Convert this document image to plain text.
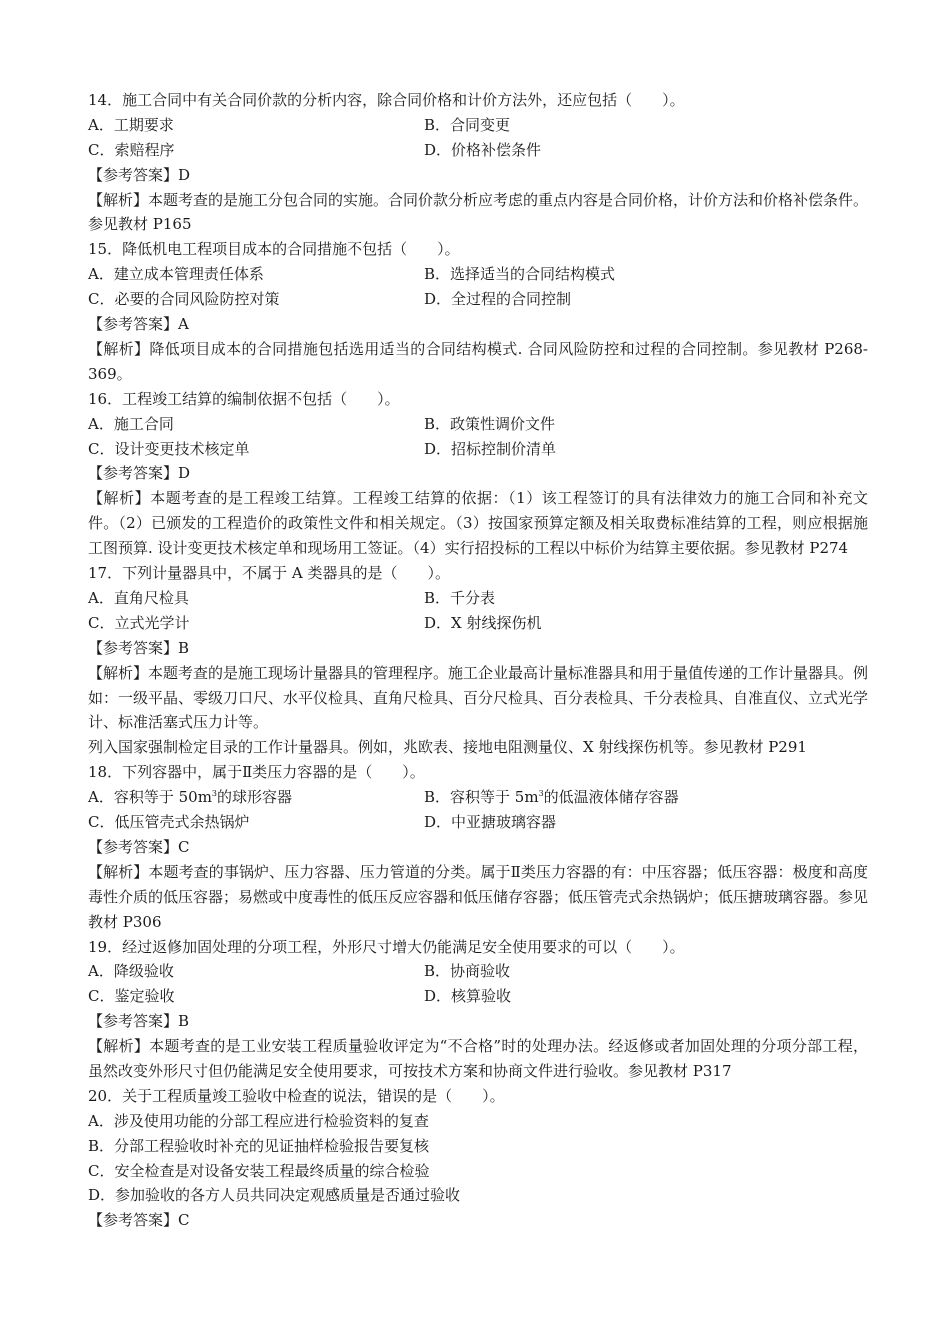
14．施工合同中有关合同价款的分析内容，除合同价格和计价方法外，还应包括（　　）。
A．工期要求	B．合同变更
C．索赔程序	D．价格补偿条件
【参考答案】D
【解析】本题考查的是施工分包合同的实施。合同价款分析应考虑的重点内容是合同价格，计价方法和价格补偿条件。参见教材 P165
15．降低机电工程项目成本的合同措施不包括（　　）。
A．建立成本管理责任体系	B．选择适当的合同结构模式
C．必要的合同风险防控对策	D．全过程的合同控制
【参考答案】A
【解析】降低项目成本的合同措施包括选用适当的合同结构模式. 合同风险防控和过程的合同控制。参见教材 P268-369。
16．工程竣工结算的编制依据不包括（　　）。
A．施工合同	B．政策性调价文件
C．设计变更技术核定单	D．招标控制价清单
【参考答案】D
【解析】本题考查的是工程竣工结算。工程竣工结算的依据：（1）该工程签订的具有法律效力的施工合同和补充文件。（2）已颁发的工程造价的政策性文件和相关规定。（3）按国家预算定额及相关取费标准结算的工程，则应根据施工图预算. 设计变更技术核定单和现场用工签证。（4）实行招投标的工程以中标价为结算主要依据。参见教材 P274
17．下列计量器具中，不属于 A 类器具的是（　　）。
A．直角尺检具	B．千分表
C．立式光学计	D．X 射线探伤机
【参考答案】B
【解析】本题考查的是施工现场计量器具的管理程序。施工企业最高计量标准器具和用于量值传递的工作计量器具。例如：一级平晶、零级刀口尺、水平仪检具、直角尺检具、百分尺检具、百分表检具、千分表检具、自准直仪、立式光学计、标准活塞式压力计等。
列入国家强制检定目录的工作计量器具。例如，兆欧表、接地电阻测量仪、X 射线探伤机等。参见教材 P291
18．下列容器中，属于Ⅱ类压力容器的是（　　）。
A．容积等于 $50m^3$的球形容器	B．容积等于 $5m^3$的低温液体储存容器
C．低压管壳式余热锅炉	D．中亚搪玻璃容器
【参考答案】C
【解析】本题考查的事锅炉、压力容器、压力管道的分类。属于Ⅱ类压力容器的有：中压容器；低压容器：极度和高度毒性介质的低压容器；易燃或中度毒性的低压反应容器和低压储存容器；低压管壳式余热锅炉；低压搪玻璃容器。参见教材 P306
19．经过返修加固处理的分项工程，外形尺寸增大仍能满足安全使用要求的可以（　　）。
A．降级验收	B．协商验收
C．鉴定验收	D．核算验收
【参考答案】B
【解析】本题考查的是工业安装工程质量验收评定为“不合格”时的处理办法。经返修或者加固处理的分项分部工程，虽然改变外形尺寸但仍能满足安全使用要求，可按技术方案和协商文件进行验收。参见教材 P317
20．关于工程质量竣工验收中检查的说法，错误的是（　　）。
A．涉及使用功能的分部工程应进行检验资料的复查
B．分部工程验收时补充的见证抽样检验报告要复核
C．安全检查是对设备安装工程最终质量的综合检验
D．参加验收的各方人员共同决定观感质量是否通过验收
【参考答案】C
